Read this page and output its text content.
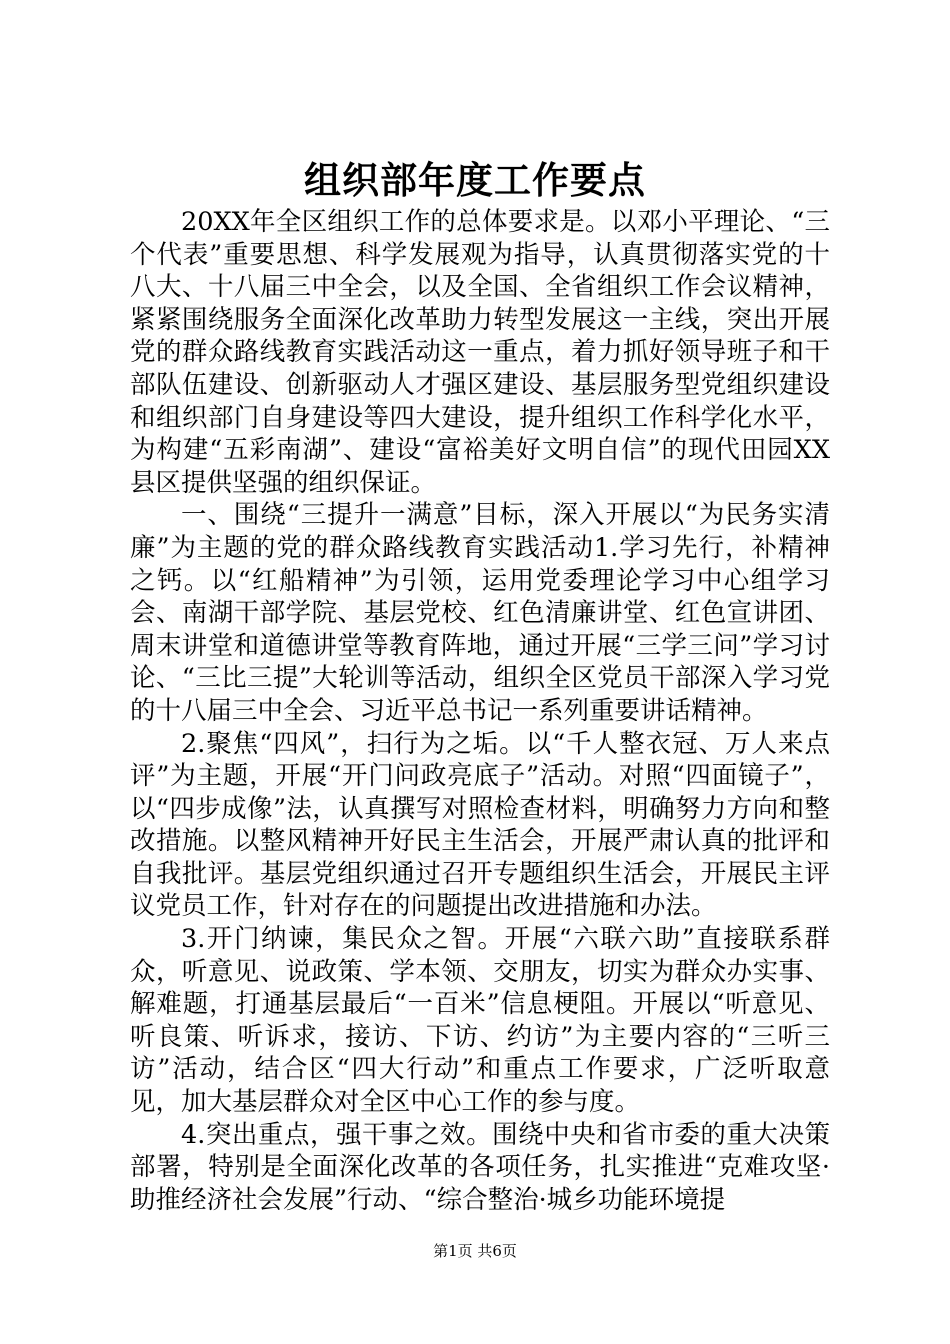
组织部年度工作要点

20XX年全区组织工作的总体要求是。以邓小平理论、“三个代表”重要思想、科学发展观为指导，认真贯彻落实党的十八大、十八届三中全会，以及全国、全省组织工作会议精神，紧紧围绕服务全面深化改革助力转型发展这一主线，突出开展党的群众路线教育实践活动这一重点，着力抓好领导班子和干部队伍建设、创新驱动人才强区建设、基层服务型党组织建设和组织部门自身建设等四大建设，提升组织工作科学化水平，为构建“五彩南湖”、建设“富裕美好文明自信”的现代田园XX县区提供坚强的组织保证。

一、围绕“三提升一满意”目标，深入开展以“为民务实清廉”为主题的党的群众路线教育实践活动1.学习先行，补精神之钙。以“红船精神”为引领，运用党委理论学习中心组学习会、南湖干部学院、基层党校、红色清廉讲堂、红色宣讲团、周末讲堂和道德讲堂等教育阵地，通过开展“三学三问”学习讨论、“三比三提”大轮训等活动，组织全区党员干部深入学习党的十八届三中全会、习近平总书记一系列重要讲话精神。

2.聚焦“四风”，扫行为之垢。以“千人整衣冠、万人来点评”为主题，开展“开门问政亮底子”活动。对照“四面镜子”，以“四步成像”法，认真撰写对照检查材料，明确努力方向和整改措施。以整风精神开好民主生活会，开展严肃认真的批评和自我批评。基层党组织通过召开专题组织生活会，开展民主评议党员工作，针对存在的问题提出改进措施和办法。

3.开门纳谏，集民众之智。开展“六联六助”直接联系群众，听意见、说政策、学本领、交朋友，切实为群众办实事、解难题，打通基层最后“一百米”信息梗阻。开展以“听意见、听良策、听诉求，接访、下访、约访”为主要内容的“三听三访”活动，结合区“四大行动”和重点工作要求，广泛听取意见，加大基层群众对全区中心工作的参与度。

4.突出重点，强干事之效。围绕中央和省市委的重大决策部署，特别是全面深化改革的各项任务，扎实推进“克难攻坚·助推经济社会发展”行动、“综合整治·城乡功能环境提

第1页 共6页
